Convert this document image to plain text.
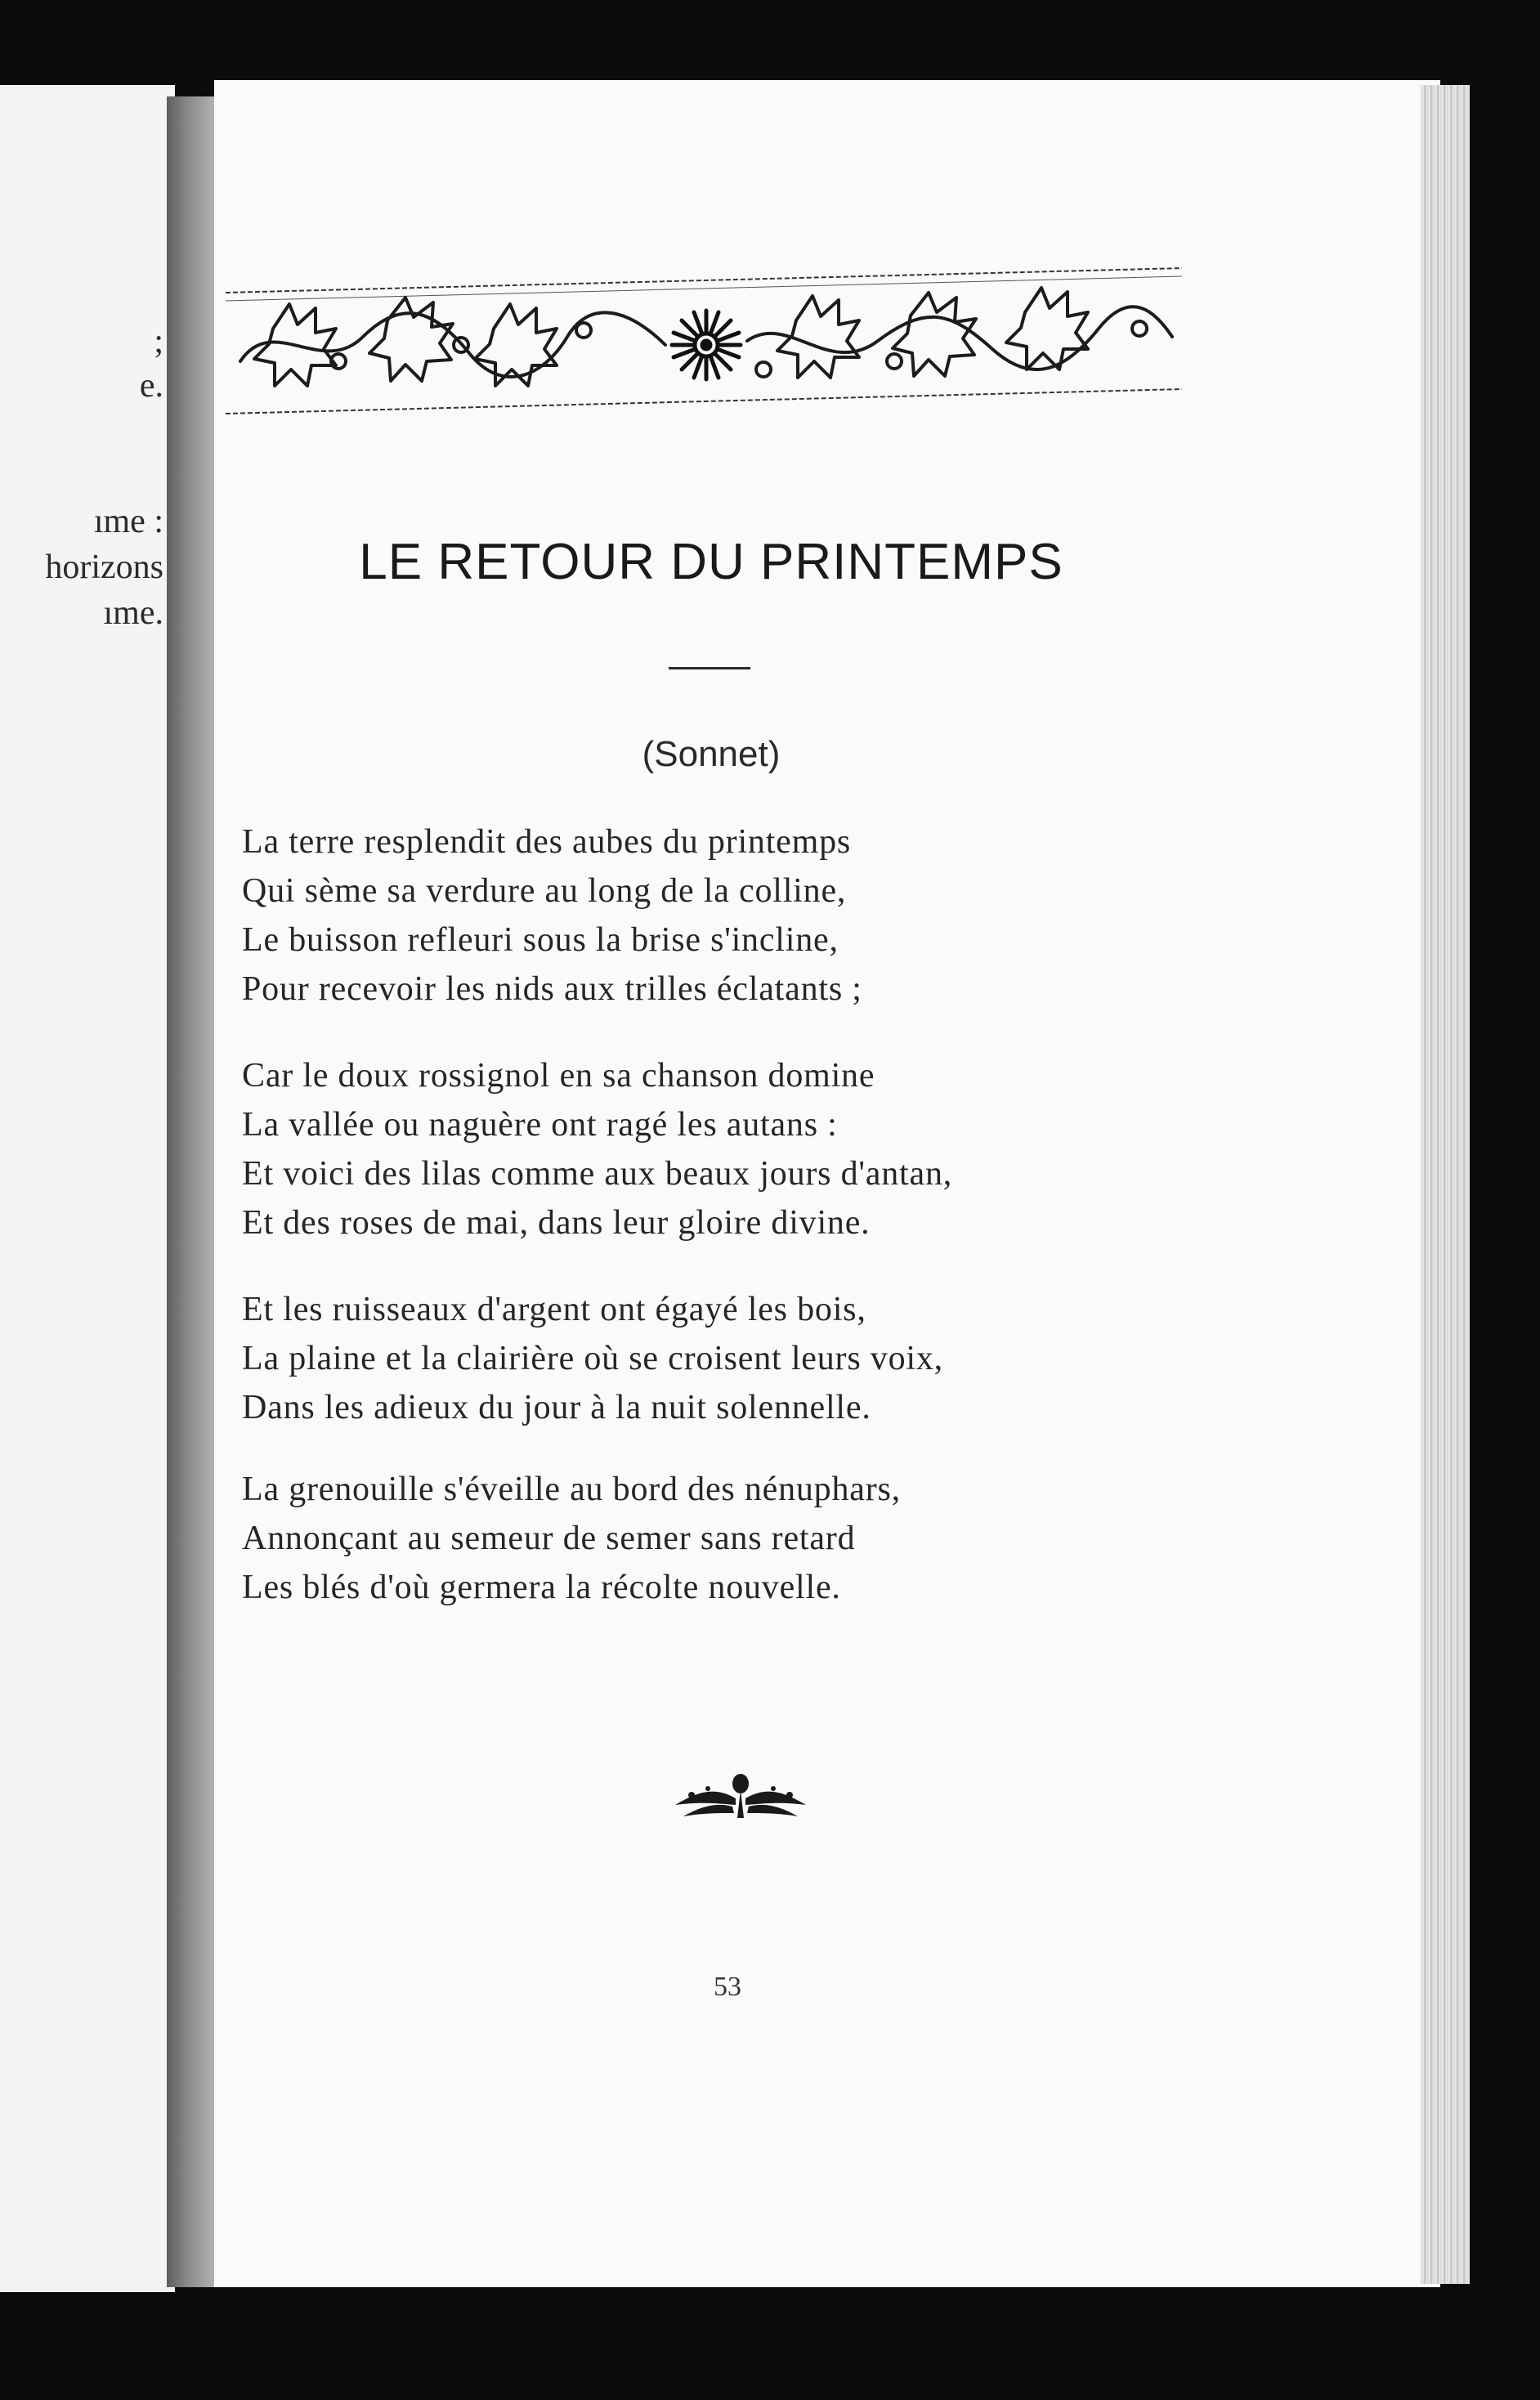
;
e.
ıme :
horizons
ıme.
LE RETOUR DU PRINTEMPS
(Sonnet)
La terre resplendit des aubes du printemps
Qui sème sa verdure au long de la colline,
Le buisson refleuri sous la brise s'incline,
Pour recevoir les nids aux trilles éclatants ;
Car le doux rossignol en sa chanson domine
La vallée ou naguère ont ragé les autans :
Et voici des lilas comme aux beaux jours d'antan,
Et des roses de mai, dans leur gloire divine.
Et les ruisseaux d'argent ont égayé les bois,
La plaine et la clairière où se croisent leurs voix,
Dans les adieux du jour à la nuit solennelle.
La grenouille s'éveille au bord des nénuphars,
Annonçant au semeur de semer sans retard
Les blés d'où germera la récolte nouvelle.
53
